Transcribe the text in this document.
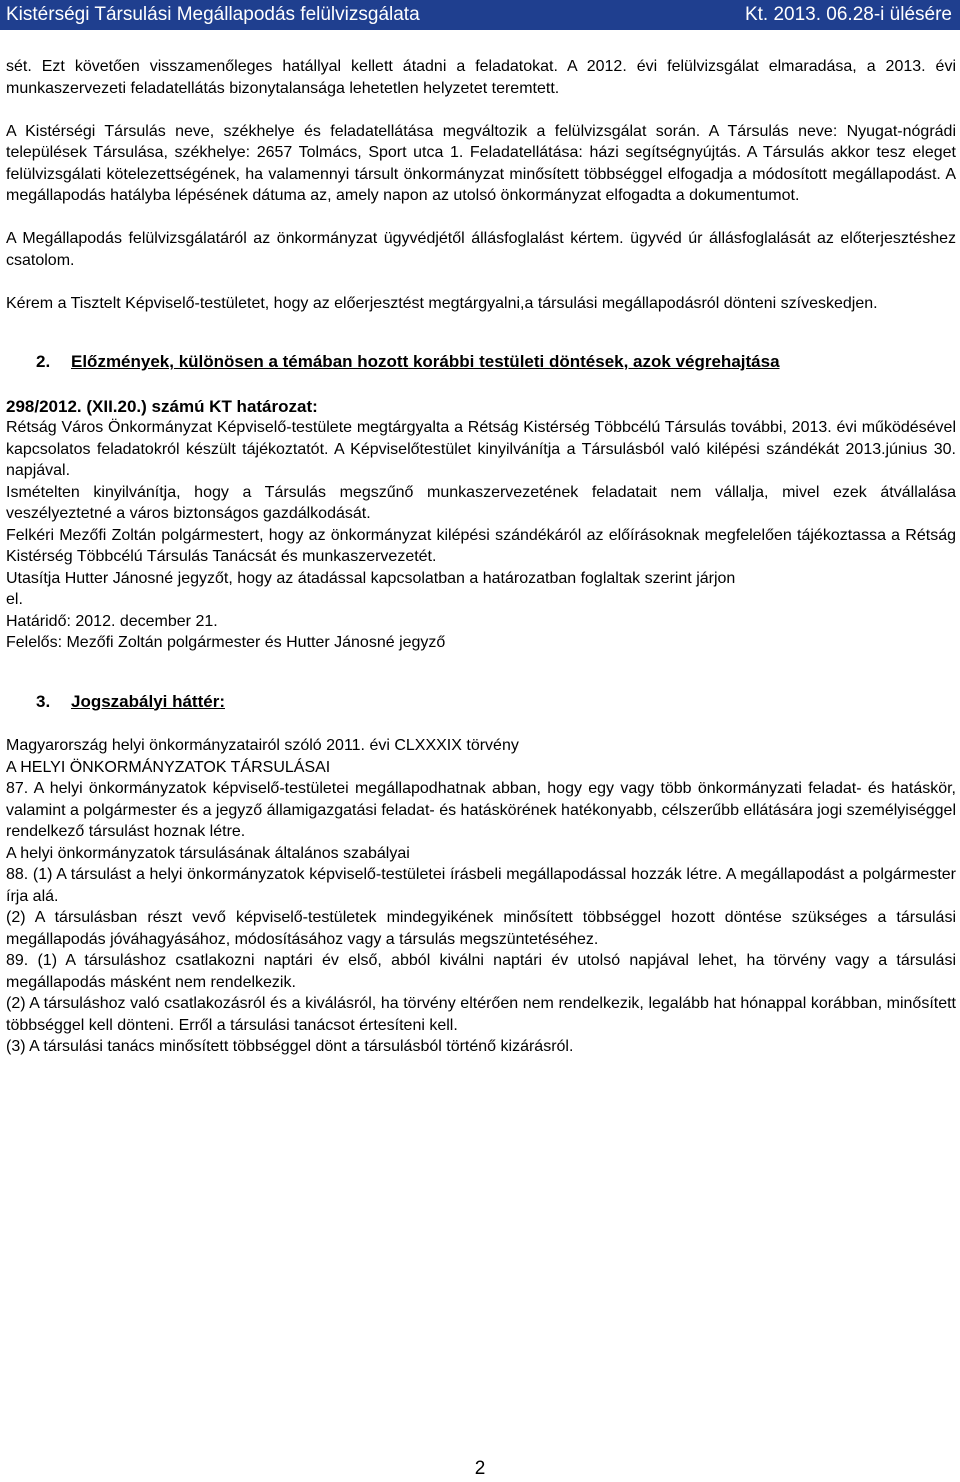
Kistérségi Társulási Megállapodás felülvizsgálata	Kt. 2013. 06.28-i ülésére

sét. Ezt követően visszamenőleges hatállyal kellett átadni a feladatokat. A 2012. évi felülvizsgálat elmaradása, a 2013. évi munkaszervezeti feladatellátás bizonytalansága lehetetlen helyzetet teremtett.

A Kistérségi Társulás neve, székhelye és feladatellátása megváltozik a felülvizsgálat során. A Társulás neve: Nyugat-nógrádi települések Társulása, székhelye: 2657 Tolmács, Sport utca 1. Feladatellátása: házi segítségnyújtás. A Társulás akkor tesz eleget felülvizsgálati kötelezettségének, ha valamennyi társult önkormányzat minősített többséggel elfogadja a módosított megállapodást. A megállapodás hatályba lépésének dátuma az, amely napon az utolsó önkormányzat elfogadta a dokumentumot.

A Megállapodás felülvizsgálatáról az önkormányzat ügyvédjétől állásfoglalást kértem. ügyvéd úr állásfoglalását az előterjesztéshez csatolom.

Kérem a Tisztelt Képviselő-testületet, hogy az előerjesztést megtárgyalni,a társulási megállapodásról dönteni szíveskedjen.

2.	Előzmények, különösen a témában hozott korábbi testületi döntések, azok végrehajtása

298/2012. (XII.20.) számú KT határozat:

Rétság Város Önkormányzat Képviselő-testülete megtárgyalta a Rétság Kistérség Többcélú Társulás további, 2013. évi működésével kapcsolatos feladatokról készült tájékoztatót. A Képviselőtestület kinyilvánítja a Társulásból való kilépési szándékát 2013.június 30. napjával.

Ismételten kinyilvánítja, hogy a Társulás megszűnő munkaszervezetének feladatait nem vállalja, mivel ezek átvállalása veszélyeztetné a város biztonságos gazdálkodását.

Felkéri Mezőfi Zoltán polgármestert, hogy az önkormányzat kilépési szándékáról az előírásoknak megfelelően tájékoztassa a Rétság Kistérség Többcélú Társulás Tanácsát és munkaszervezetét.

Utasítja Hutter Jánosné jegyzőt, hogy az átadással kapcsolatban a határozatban foglaltak szerint járjon

el.

Határidő: 2012. december 21.

Felelős: Mezőfi Zoltán polgármester és Hutter Jánosné jegyző

3.	Jogszabályi háttér:

Magyarország helyi önkormányzatairól szóló 2011. évi CLXXXIX törvény

A HELYI ÖNKORMÁNYZATOK TÁRSULÁSAI

87. A helyi önkormányzatok képviselő-testületei megállapodhatnak abban, hogy egy vagy több önkormányzati feladat- és hatáskör, valamint a polgármester és a jegyző államigazgatási feladat- és hatáskörének hatékonyabb, célszerűbb ellátására jogi személyiséggel rendelkező társulást hoznak létre.

A helyi önkormányzatok társulásának általános szabályai

88. (1) A társulást a helyi önkormányzatok képviselő-testületei írásbeli megállapodással hozzák létre. A megállapodást a polgármester írja alá.

(2) A társulásban részt vevő képviselő-testületek mindegyikének minősített többséggel hozott döntése szükséges a társulási megállapodás jóváhagyásához, módosításához vagy a társulás megszüntetéséhez.

89. (1) A társuláshoz csatlakozni naptári év első, abból kiválni naptári év utolsó napjával lehet, ha törvény vagy a társulási megállapodás másként nem rendelkezik.

(2) A társuláshoz való csatlakozásról és a kiválásról, ha törvény eltérően nem rendelkezik, legalább hat hónappal korábban, minősített többséggel kell dönteni. Erről a társulási tanácsot értesíteni kell.

(3) A társulási tanács minősített többséggel dönt a társulásból történő kizárásról.

2
